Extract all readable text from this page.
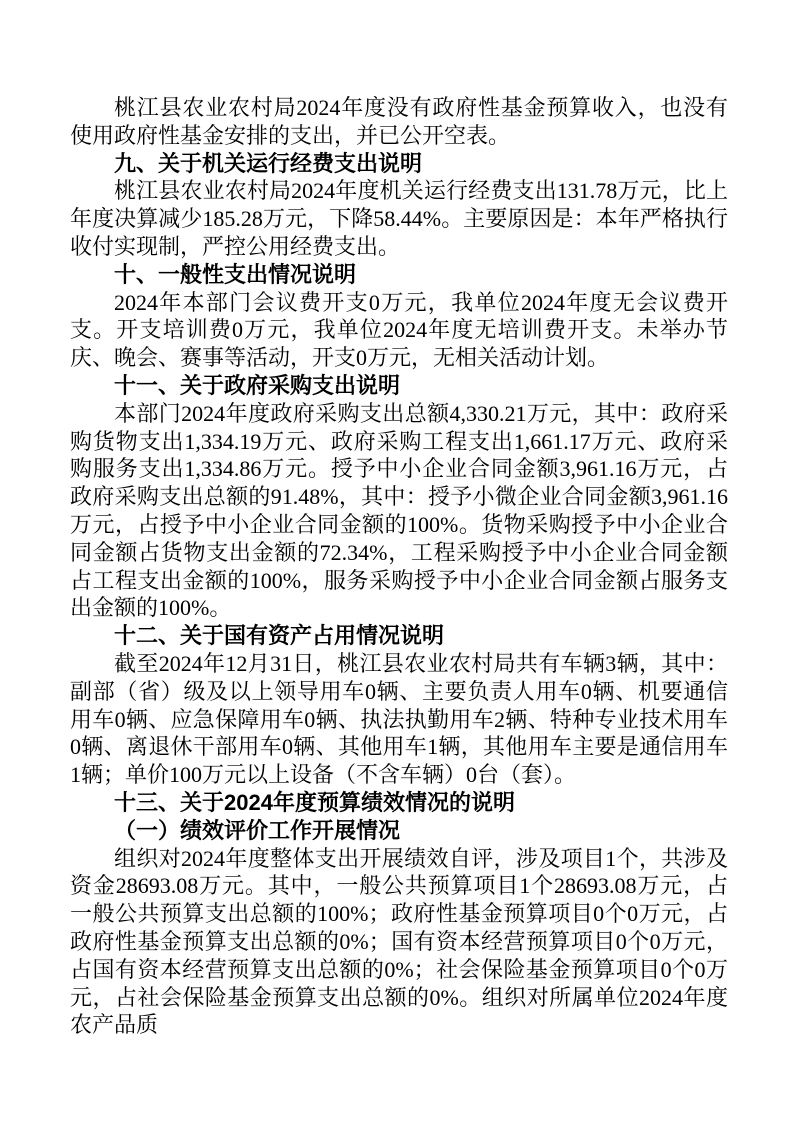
桃江县农业农村局2024年度没有政府性基金预算收入，也没有使用政府性基金安排的支出，并已公开空表。

九、关于机关运行经费支出说明

桃江县农业农村局2024年度机关运行经费支出131.78万元，比上年度决算减少185.28万元，下降58.44%。主要原因是：本年严格执行收付实现制，严控公用经费支出。

十、一般性支出情况说明

2024年本部门会议费开支0万元，我单位2024年度无会议费开支。开支培训费0万元，我单位2024年度无培训费开支。未举办节庆、晚会、赛事等活动，开支0万元，无相关活动计划。

十一、关于政府采购支出说明

本部门2024年度政府采购支出总额4,330.21万元，其中：政府采购货物支出1,334.19万元、政府采购工程支出1,661.17万元、政府采购服务支出1,334.86万元。授予中小企业合同金额3,961.16万元，占政府采购支出总额的91.48%，其中：授予小微企业合同金额3,961.16万元，占授予中小企业合同金额的100%。货物采购授予中小企业合同金额占货物支出金额的72.34%，工程采购授予中小企业合同金额占工程支出金额的100%，服务采购授予中小企业合同金额占服务支出金额的100%。

十二、关于国有资产占用情况说明

截至2024年12月31日，桃江县农业农村局共有车辆3辆，其中：副部（省）级及以上领导用车0辆、主要负责人用车0辆、机要通信用车0辆、应急保障用车0辆、执法执勤用车2辆、特种专业技术用车0辆、离退休干部用车0辆、其他用车1辆，其他用车主要是通信用车1辆；单价100万元以上设备（不含车辆）0台（套）。

十三、关于2024年度预算绩效情况的说明

（一）绩效评价工作开展情况

组织对2024年度整体支出开展绩效自评，涉及项目1个，共涉及资金28693.08万元。其中，一般公共预算项目1个28693.08万元，占一般公共预算支出总额的100%；政府性基金预算项目0个0万元，占政府性基金预算支出总额的0%；国有资本经营预算项目0个0万元，占国有资本经营预算支出总额的0%；社会保险基金预算项目0个0万元，占社会保险基金预算支出总额的0%。组织对所属单位2024年度农产品质
